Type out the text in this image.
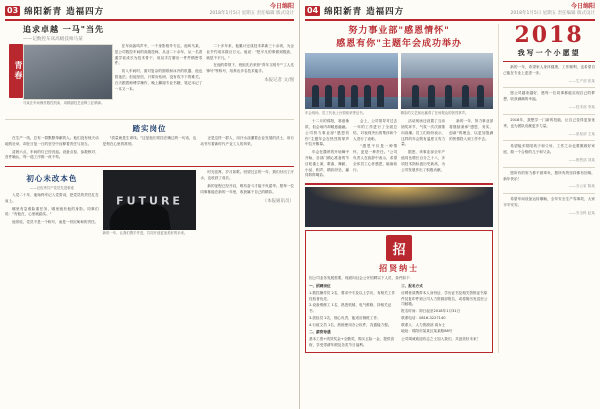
03 绵阳新青 造福四方	今日绵阳
2018年1月5日 星期五 责任编辑 版式设计
青春
追求卓越 一马"当先
——记数控车床高级技师马某
马某在车间操作数控机床，用精湛技艺诠释工匠精神。

在车床轰鸣声中，一个身影格外专注。他叫马某，是公司数控车间的高级技师，从业二十余年，从一名普通学徒成长为技术骨干，用双手打磨出一件件精密零件。

初入车间时，面对复杂的图纸和冰冷的机器，他也曾迷茫。但他坚信，只要肯钻研，没有攻不下的难关。白天跟着师傅学操作，晚上翻阅专业书籍，笔记本记了一本又一本。

二十多年来，他累计完成技术革新三十余项，为企业节约成本数百万元。他说："把平凡的事做到极致，就是不平凡。"

在他的带领下，班组先后荣获"青年文明号""工人先锋号"等称号，培养出多名技术能手。

本报记者 文/图
踏实岗位

在生产一线，总有一群默默奉献的人。他们没有惊天动地的壮举，却在日复一日的坚守中诠释着责任与担当。

清晨六点，车间的灯已经亮起。设备点检、参数核对、首件确认，每一道工序都一丝不苟。

"质量就是生命线。"这是他们常挂在嘴边的一句话，也是刻在心里的准则。

正是这样一群人，用汗水浇灌着企业发展的沃土，用行动书写着新时代产业工人的风采。

初心未改本色
——记优秀共产党员先进事迹

入党二十年，他始终牢记入党誓词，把党员的责任扛在肩上。

哪里有急难险重任务，哪里就有他的身影。同事们说："有他在，心里就踏实。"

他常说，党员不是一个称号，而是一份沉甸甸的责任。

FUTURE
新的一年，让我们携手并进，共同开创更加美好的未来。

时光荏苒，岁月如歌。回望过去的一年，我们付出了汗水，也收获了成长。

新的征程已经开启，唯有奋斗才能不负韶华。愿每一位同事都能在新的一年里，收获属于自己的精彩。

（本报通讯员）
04 绵阳新青 造福四方	今日绵阳
2018年1月5日 星期五 责任编辑 版式设计
努力事业部"感恩情怀"
感恩有你"主题年会成功举办
年会现场，员工代表上台领取荣誉证书。	精彩的文艺演出赢得了在场观众的热烈掌声。

十二月的绵阳，寒意渐浓，但会场内却暖意融融。公司努力事业部"感恩有你"主题年会在热烈的掌声中拉开帷幕。

年会在激昂的开场舞中开始，各部门精心准备的节目轮番上演，歌曲、舞蹈、小品、相声，精彩纷呈，赢得阵阵喝彩。

会上，公司领导对过去一年的工作进行了全面总结，对表现突出的集体和个人进行了表彰。

"感恩不仅是一种情怀，更是一种责任。"公司负责人在致辞中表示，希望全体员工心怀感恩，砥砺前行。

活动现场还设置了互动抽奖环节，气氛一次次被推向高潮。员工们纷纷表示，这样的年会既有温度又有力量。

据悉，该事业部全年产值同比增长百分之十八，多项技术指标创历史新高，为公司发展作出了积极贡献。

新的一年，努力事业部将继续秉承"感恩、务实、创新"的理念，以更加饱满的热情投入到工作中去。

招
招贤纳士
因公司业务发展需要，现面向社会公开招聘以下人员，条件如下：
一、招聘岗位
1.数控操作员 2名，要求中专及以上学历，有相关工作经验者优先；
2.设备维修工 1名，熟悉机械、电气维修，持相关证书；
3.质检员 2名，细心负责，能适应倒班工作；
4.行政文员 1名，熟练使用办公软件，沟通能力强。
二、薪资待遇
基本工资+绩效奖金+全勤奖，购买五险一金，提供食宿，享受带薪年假及各类节日福利。
三、报名方式
应聘者请携带本人身份证、学历证书及相关资格证书原件及复印件到公司人力资源部报名，或将简历发送至公司邮箱。
报名时间：即日起至2018年1月31日
联系电话：0816-3227140
联系人：人力资源部 周女士
地址：绵阳市某某区某某路88号
公司竭诚欢迎有志之士加入我们，共创美好未来！
2018
我写一个小愿望

新的一年，希望家人身体健康，工作顺利，也希望自己能在专业上更进一步。

——生产部 张某

愿公司越来越好，愿每一位同事都能实现自己的梦想，收获满满的幸福。

——技术部 李某

2018年，我想学一门新的技能，让自己变得更加优秀，也为团队贡献更多力量。

——质检部 王某

希望能多陪陪孩子和父母，工作之余也要照顾好家庭，做一个合格的儿子和父亲。

——销售部 刘某

愿所有的努力都不被辜负，愿所有的坚持都有回响，新年快乐！

——办公室 陈某

希望车间设备运转顺畅，全年安全生产零事故，大家平平安安。

——安全科 赵某
